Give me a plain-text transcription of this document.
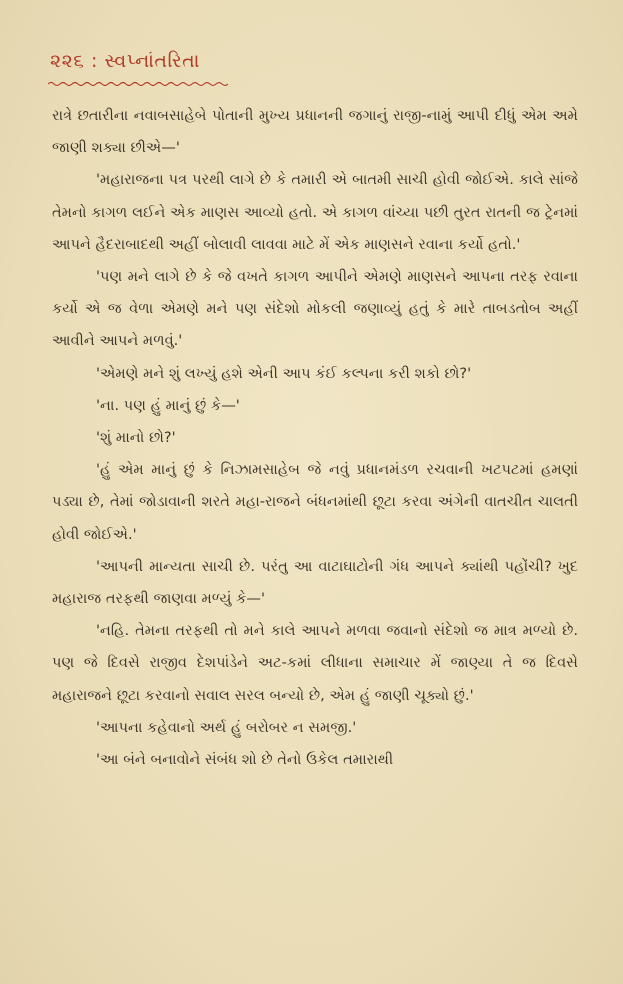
૨૨૬ : સ્વપ્નાંતરિતા

રાત્રે છતારીના નવાબસાહેબે પોતાની મુખ્ય પ્રધાનની જગાનું રાજી-નામું આપી દીધું એમ અમે જાણી શક્યા છીએ—'

'મહારાજના પત્ર પરથી લાગે છે કે તમારી એ બાતમી સાચી હોવી જોઈએ. કાલે સાંજે તેમનો કાગળ લઈને એક માણસ આવ્યો હતો. એ કાગળ વાંચ્યા પછી તુરત રાતની જ ટ્રેનમાં આપને હૈદરાબાદથી અહીં બોલાવી લાવવા માટે મેં એક માણસને રવાના કર્યો હતો.'

'પણ મને લાગે છે કે જે વખતે કાગળ આપીને એમણે માણસને આપના તરફ રવાના કર્યો એ જ વેળા એમણે મને પણ સંદેશો મોકલી જણાવ્યું હતું કે મારે તાબડતોબ અહીં આવીને આપને મળવું.'

'એમણે મને શું લખ્યું હશે એની આપ કંઈ કલ્પના કરી શકો છો?'

'ના. પણ હું માનું છું કે—'

'શું માનો છો?'

'હું એમ માનું છું કે નિઝામસાહેબ જે નવું પ્રધાનમંડળ રચવાની ખટપટમાં હમણાં પડ્યા છે, તેમાં જોડાવાની શરતે મહા-રાજને બંધનમાંથી છૂટા કરવા અંગેની વાતચીત ચાલતી હોવી જોઈએ.'

'આપની માન્યતા સાચી છે. પરંતુ આ વાટાઘાટોની ગંધ આપને ક્યાંથી પહોંચી? ખુદ મહારાજ તરફથી જાણવા મળ્યું કે—'

'નહિ. તેમના તરફથી તો મને કાલે આપને મળવા જવાનો સંદેશો જ માત્ર મળ્યો છે. પણ જે દિવસે રાજીવ દેશપાંડેને અટ-કમાં લીધાના સમાચાર મેં જાણ્યા તે જ દિવસે મહારાજને છૂટા કરવાનો સવાલ સરલ બન્યો છે, એમ હું જાણી ચૂક્યો છું.'

'આપના કહેવાનો અર્થ હું બરોબર ન સમજી.'

'આ બંને બનાવોને સંબંધ શો છે તેનો ઉકેલ તમારાથી
